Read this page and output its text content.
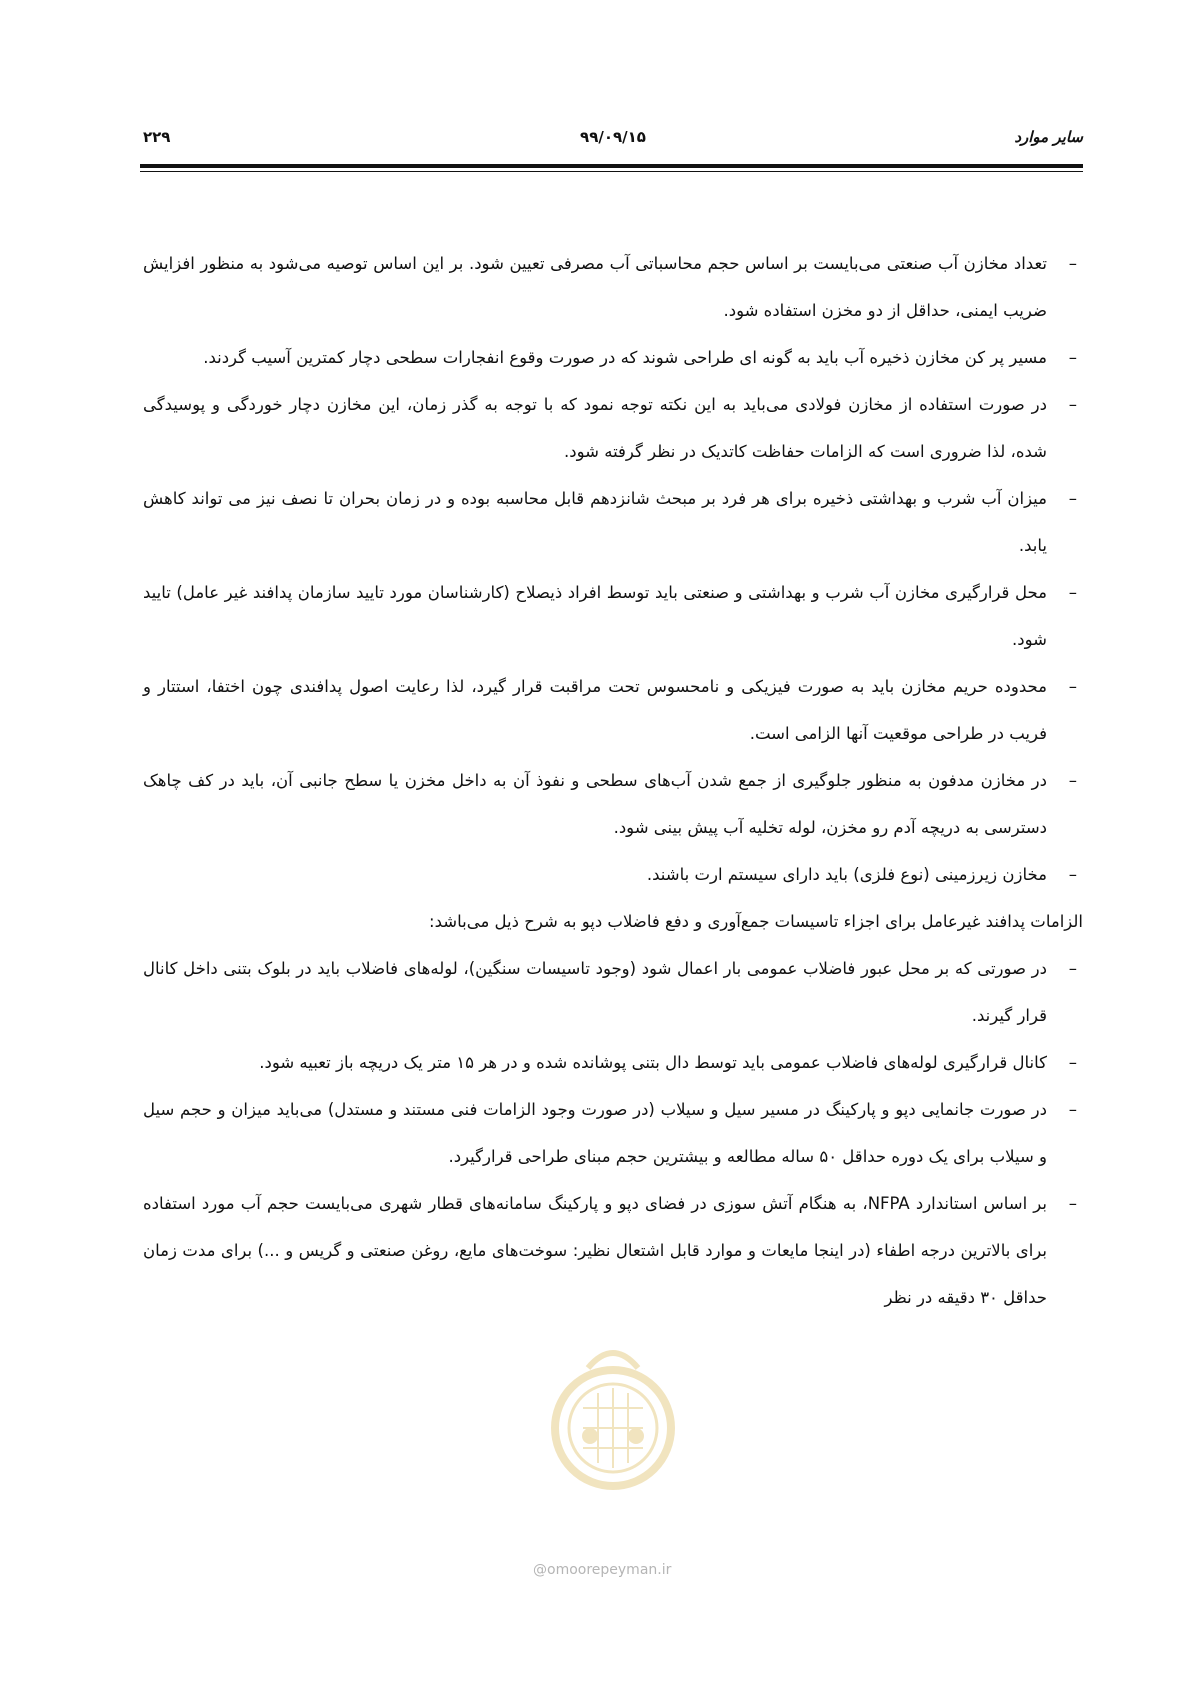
سایر موارد
۹۹/۰۹/۱۵
۲۲۹
–
تعداد مخازن آب صنعتی می‌بایست بر اساس حجم محاسباتی آب مصرفی تعیین شود. بر این اساس توصیه می‌شود به منظور افزایش ضریب ایمنی، حداقل از دو مخزن استفاده شود.
–
مسیر پر کن مخازن ذخیره آب باید به گونه ای طراحی شوند که در صورت وقوع انفجارات سطحی دچار کمترین آسیب گردند.
–
در صورت استفاده از مخازن فولادی می‌باید به این نکته توجه نمود که با توجه به گذر زمان، این مخازن دچار خوردگی و پوسیدگی شده، لذا ضروری است که الزامات حفاظت کاتدیک در نظر گرفته شود.
–
میزان آب شرب و بهداشتی ذخیره برای هر فرد بر مبحث شانزدهم قابل محاسبه بوده و در زمان بحران تا نصف نیز می تواند کاهش یابد.
–
محل قرارگیری مخازن آب شرب و بهداشتی و صنعتی باید توسط افراد ذیصلاح (کارشناسان مورد تایید سازمان پدافند غیر عامل) تایید شود.
–
محدوده حریم مخازن باید به صورت فیزیکی و نامحسوس تحت مراقبت قرار گیرد، لذا رعایت اصول پدافندی چون اختفا، استتار و فریب در طراحی موقعیت آنها الزامی است.
–
در مخازن مدفون به منظور جلوگیری از جمع شدن آب‌های سطحی و نفوذ آن به داخل مخزن یا سطح جانبی آن، باید در کف چاهک دسترسی به دریچه آدم رو مخزن، لوله تخلیه آب پیش بینی شود.
–
مخازن زیرزمینی (نوع فلزی) باید دارای سیستم ارت باشند.

الزامات پدافند غیرعامل برای اجزاء تاسیسات جمع‌آوری و دفع فاضلاب دپو به شرح ذیل می‌باشد:

–
در صورتی که بر محل عبور فاضلاب عمومی بار اعمال شود (وجود تاسیسات سنگین)، لوله‌های فاضلاب باید در بلوک بتنی داخل کانال قرار گیرند.
–
کانال قرارگیری لوله‌های فاضلاب عمومی باید توسط دال بتنی پوشانده شده و در هر ۱۵ متر یک دریچه باز تعبیه شود.
–
در صورت جانمایی دپو و پارکینگ در مسیر سیل و سیلاب (در صورت وجود الزامات فنی مستند و مستدل) می‌باید میزان و حجم سیل و سیلاب برای یک دوره حداقل ۵۰ ساله مطالعه و بیشترین حجم مبنای طراحی قرارگیرد.
–
بر اساس استاندارد NFPA، به هنگام آتش سوزی در فضای دپو و پارکینگ سامانه‌های قطار شهری می‌بایست حجم آب مورد استفاده برای بالاترین درجه اطفاء (در اینجا مایعات و موارد قابل اشتعال نظیر: سوخت‌های مایع، روغن صنعتی و گریس و ...) برای مدت زمان حداقل ۳۰ دقیقه در نظر
@omoorepeyman.ir
